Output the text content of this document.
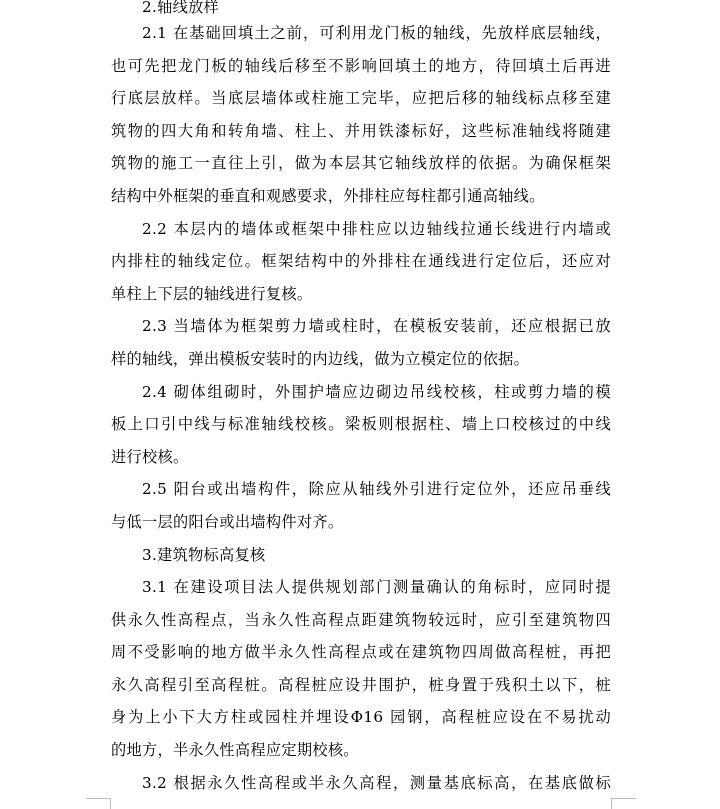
2.轴线放样
2.1 在基础回填土之前，可利用龙门板的轴线，先放样底层轴线，
也可先把龙门板的轴线后移至不影响回填土的地方，待回填土后再进
行底层放样。当底层墙体或柱施工完毕，应把后移的轴线标点移至建
筑物的四大角和转角墙、柱上、并用铁漆标好，这些标准轴线将随建
筑物的施工一直往上引，做为本层其它轴线放样的依据。为确保框架
结构中外框架的垂直和观感要求，外排柱应每柱都引通高轴线。
2.2 本层内的墙体或框架中排柱应以边轴线拉通长线进行内墙或
内排柱的轴线定位。框架结构中的外排柱在通线进行定位后，还应对
单柱上下层的轴线进行复核。
2.3 当墙体为框架剪力墙或柱时，在模板安装前，还应根据已放
样的轴线，弹出模板安装时的内边线，做为立模定位的依据。
2.4 砌体组砌时，外围护墙应边砌边吊线校核，柱或剪力墙的模
板上口引中线与标准轴线校核。梁板则根据柱、墙上口校核过的中线
进行校核。
2.5 阳台或出墙构件，除应从轴线外引进行定位外，还应吊垂线
与低一层的阳台或出墙构件对齐。
3.建筑物标高复核
3.1 在建设项目法人提供规划部门测量确认的角标时，应同时提
供永久性高程点，当永久性高程点距建筑物较远时，应引至建筑物四
周不受影响的地方做半永久性高程点或在建筑物四周做高程桩，再把
永久高程引至高程桩。高程桩应设井围护，桩身置于残积土以下，桩
身为上小下大方柱或园柱并埋设Φ16 园钢，高程桩应设在不易扰动
的地方，半永久性高程应定期校核。
3.2 根据永久性高程或半永久高程，测量基底标高，在基底做标
